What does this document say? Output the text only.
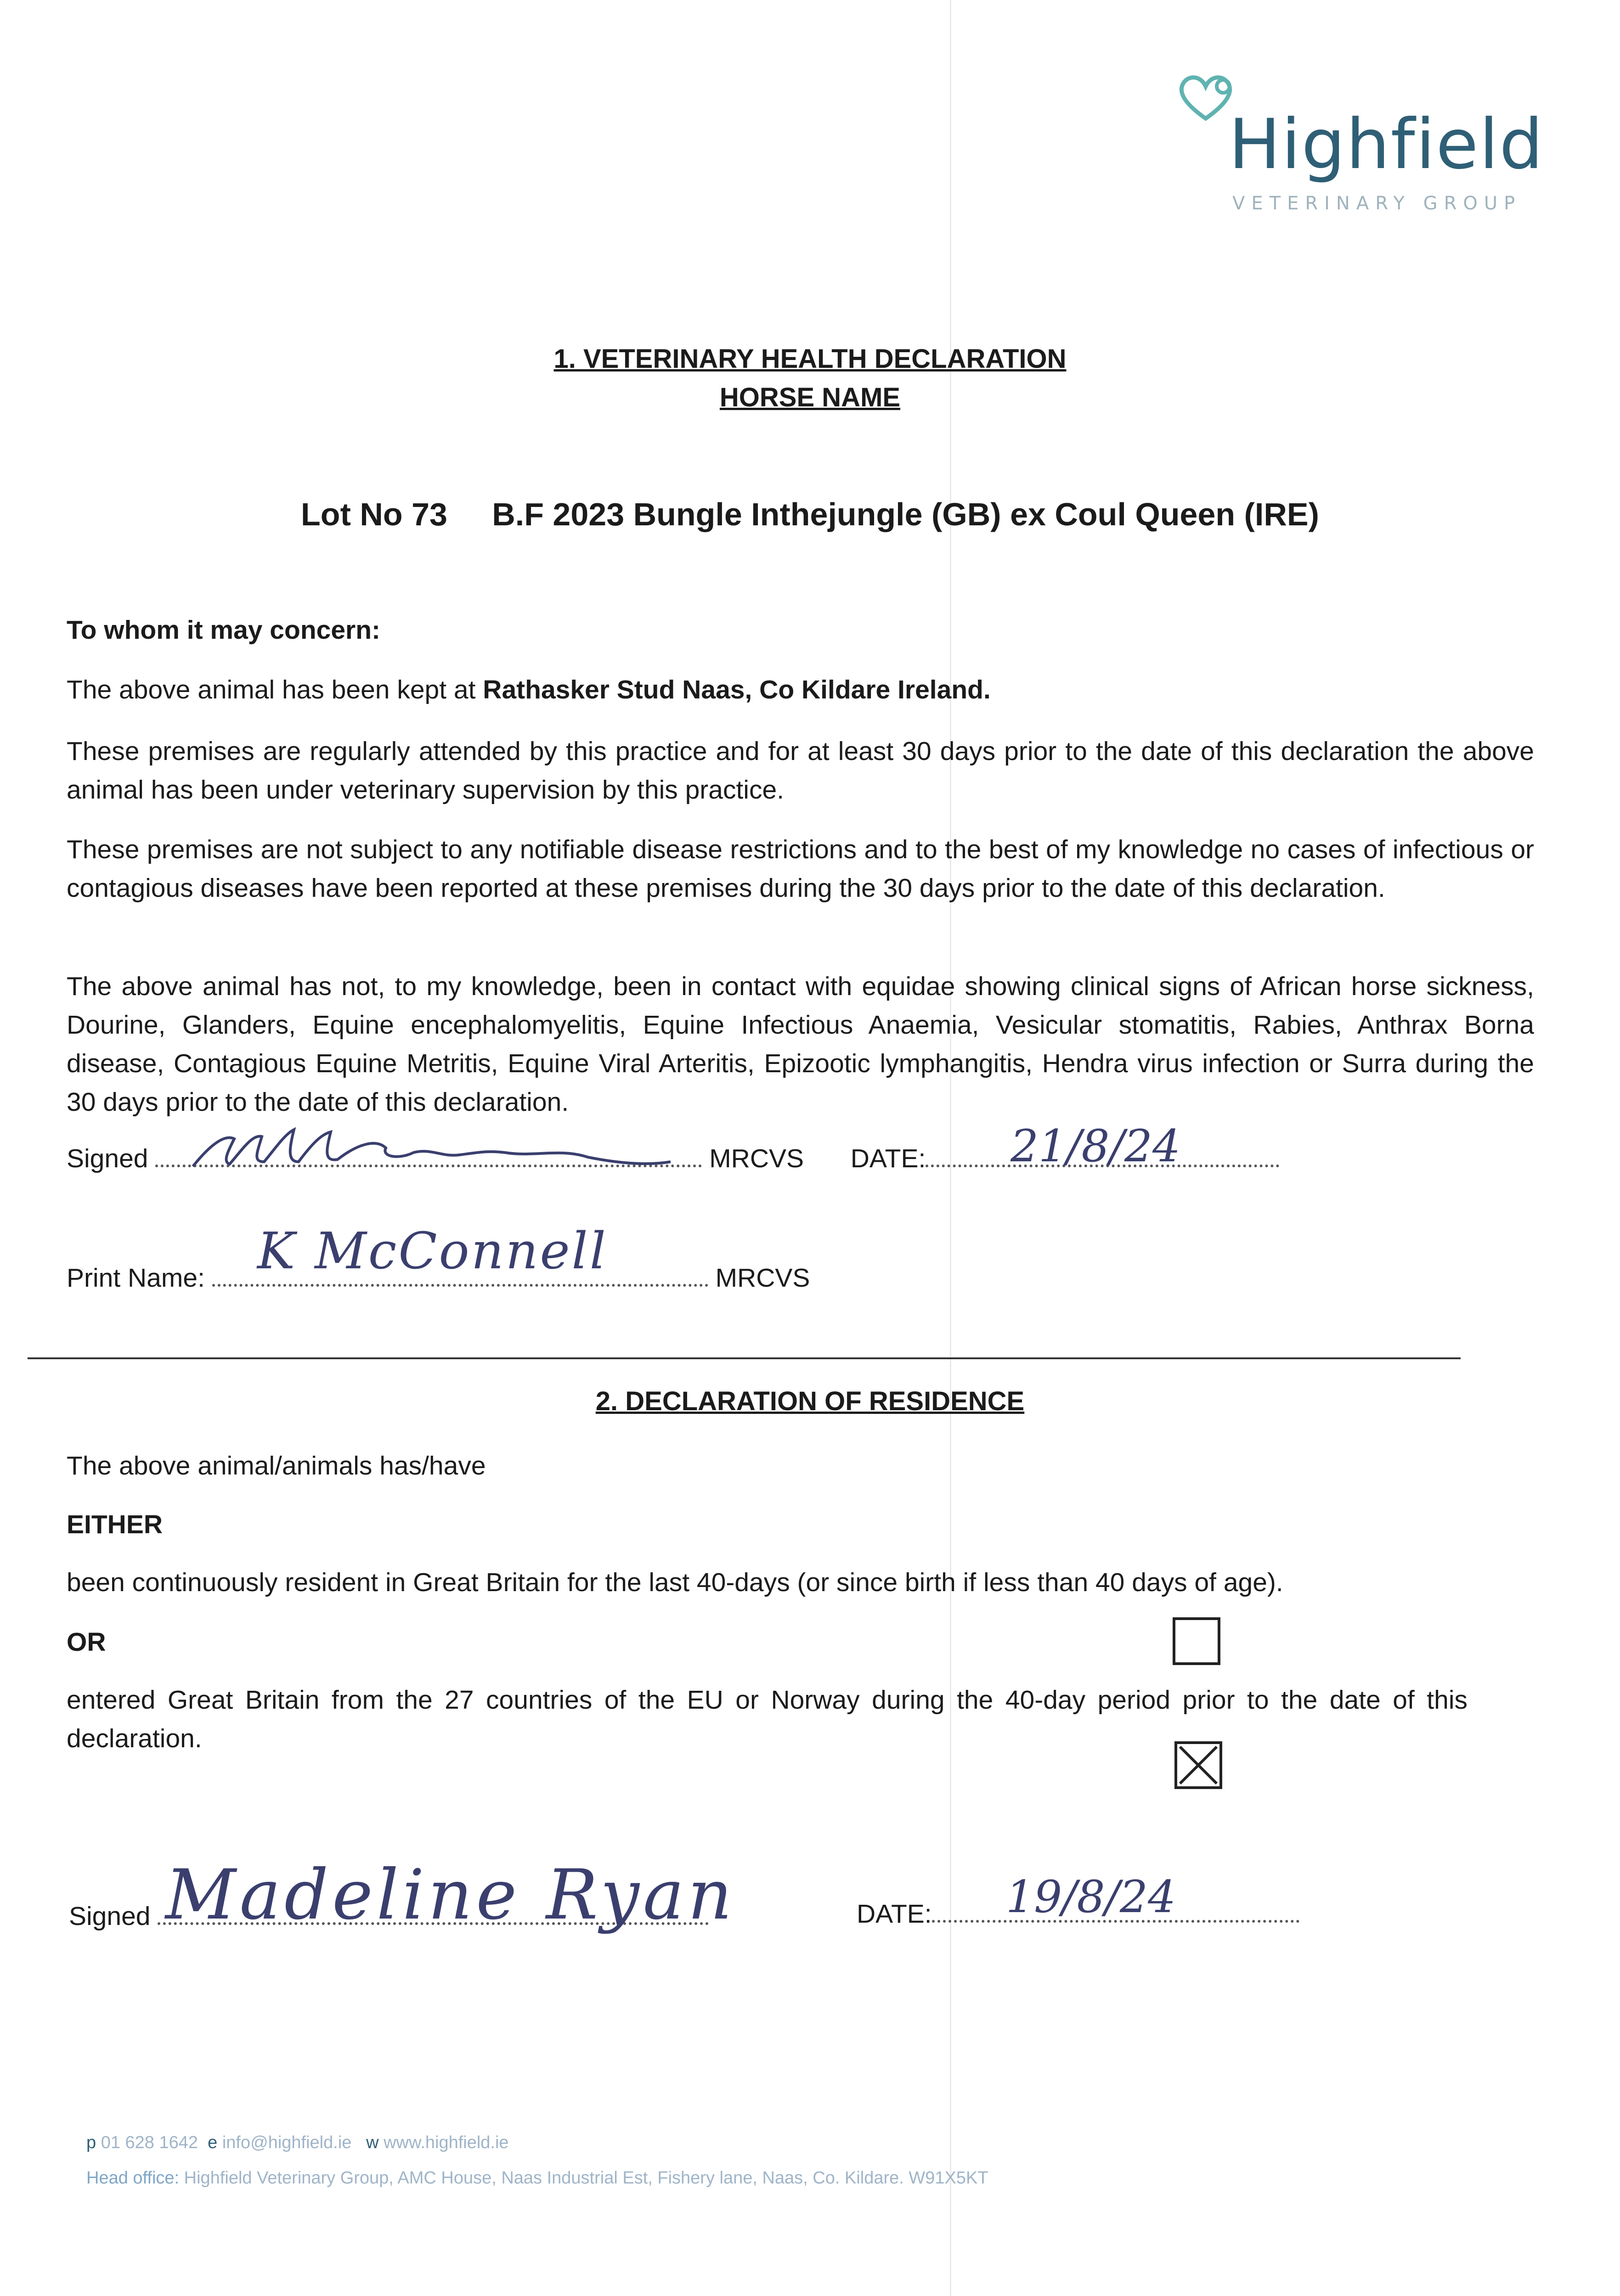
Highfield
VETERINARY GROUP
1. VETERINARY HEALTH DECLARATION
HORSE NAME
Lot No 73 B.F 2023 Bungle Inthejungle (GB) ex Coul Queen (IRE)
To whom it may concern:
The above animal has been kept at Rathasker Stud Naas, Co Kildare Ireland.
These premises are regularly attended by this practice and for at least 30 days prior to the date of this declaration the above animal has been under veterinary supervision by this practice.
These premises are not subject to any notifiable disease restrictions and to the best of my knowledge no cases of infectious or contagious diseases have been reported at these premises during the 30 days prior to the date of this declaration.
The above animal has not, to my knowledge, been in contact with equidae showing clinical signs of African horse sickness, Dourine, Glanders, Equine encephalomyelitis, Equine Infectious Anaemia, Vesicular stomatitis, Rabies, Anthrax Borna disease, Contagious Equine Metritis, Equine Viral Arteritis, Epizootic lymphangitis, Hendra virus infection or Surra during the 30 days prior to the date of this declaration.
Signed	MRCVS DATE:	21/8/24
Print Name:	MRCVS
K McConnell
2. DECLARATION OF RESIDENCE
The above animal/animals has/have
EITHER
been continuously resident in Great Britain for the last 40-days (or since birth if less than 40 days of age).
OR
entered Great Britain from the 27 countries of the EU or Norway during the 40-day period prior to the date of this declaration.
Signed Madeline Ryan	DATE:	19/8/24
p 01 628 1642 e info@highfield.ie w www.highfield.ie
Head office: Highfield Veterinary Group, AMC House, Naas Industrial Est, Fishery lane, Naas, Co. Kildare. W91X5KT
